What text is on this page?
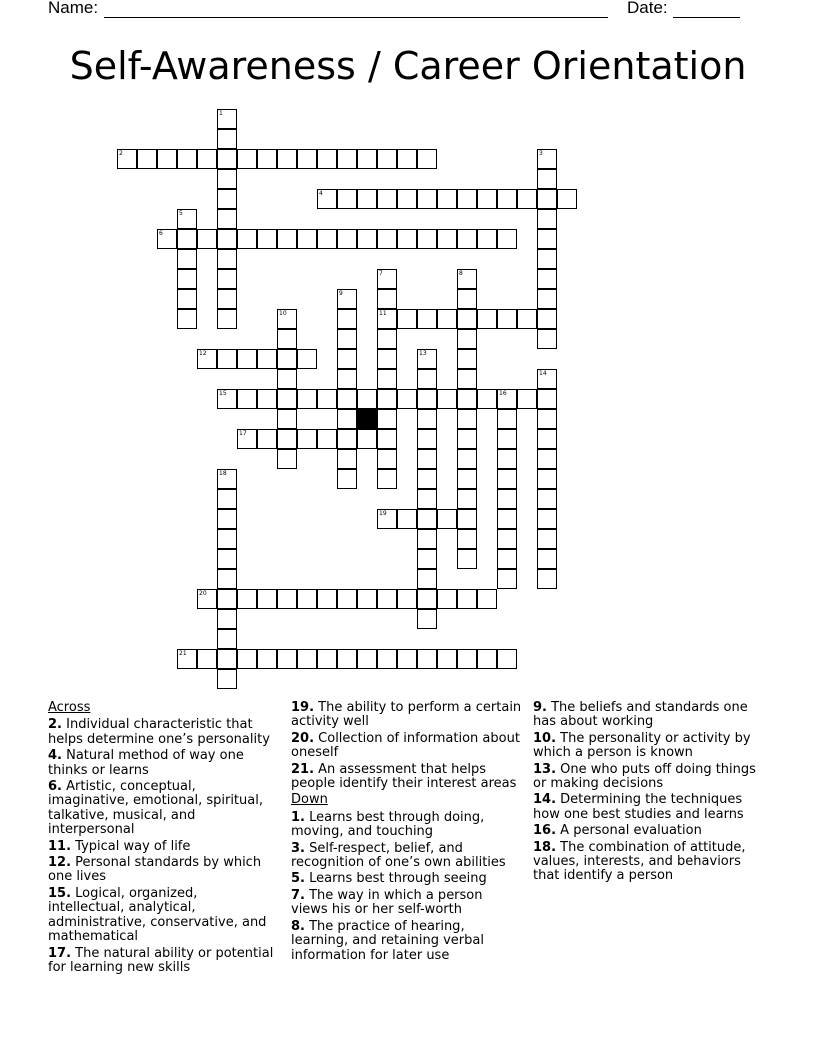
Name:	Date:
Self-Awareness / Career Orientation
1
2	3
4
5
6
7
11
8
9
10
12	13
14
15	16
17
18
19
20
21
Across
2. Individual characteristic that helps determine one’s personality
4. Natural method of way one thinks or learns
6. Artistic, conceptual, imaginative, emotional, spiritual, talkative, musical, and interpersonal
11. Typical way of life
12. Personal standards by which one lives
15. Logical, organized, intellectual, analytical, administrative, conservative, and mathematical
17. The natural ability or potential for learning new skills
19. The ability to perform a certain activity well
20. Collection of information about oneself
21. An assessment that helps people identify their interest areas
Down
1. Learns best through doing, moving, and touching
3. Self-respect, belief, and recognition of one’s own abilities
5. Learns best through seeing
7. The way in which a person views his or her self-worth
8. The practice of hearing, learning, and retaining verbal information for later use
9. The beliefs and standards one has about working
10. The personality or activity by which a person is known
13. One who puts off doing things or making decisions
14. Determining the techniques how one best studies and learns
16. A personal evaluation
18. The combination of attitude, values, interests, and behaviors that identify a person
